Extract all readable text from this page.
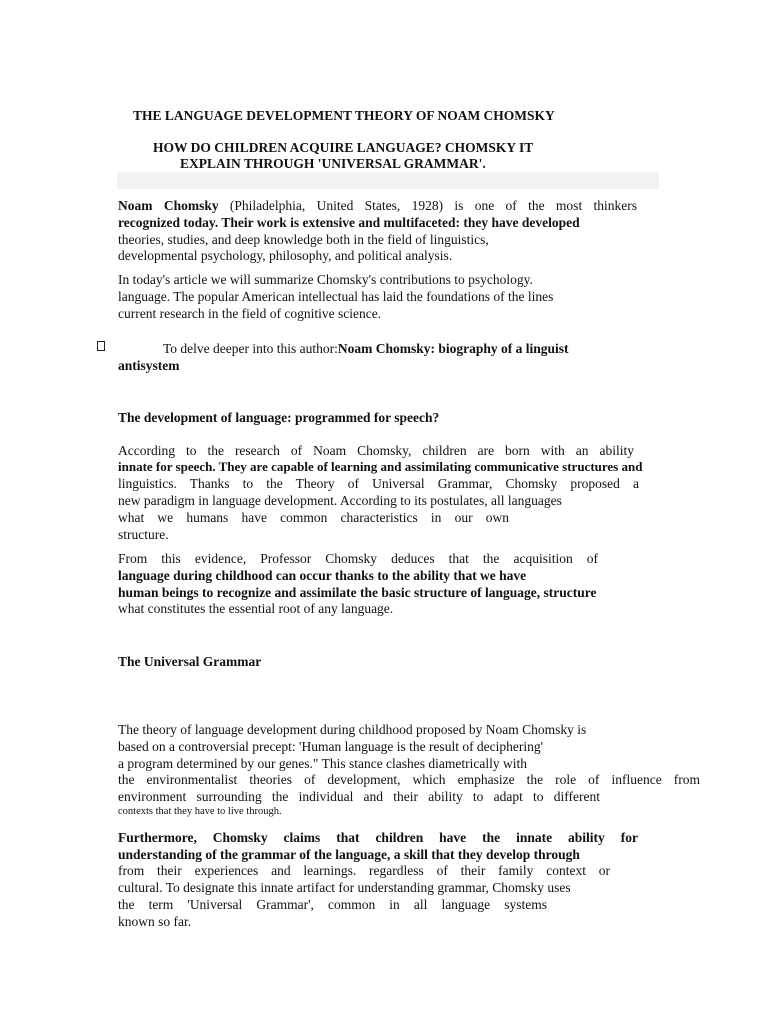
THE LANGUAGE DEVELOPMENT THEORY OF NOAM CHOMSKY
HOW DO CHILDREN ACQUIRE LANGUAGE? CHOMSKY IT
EXPLAIN THROUGH 'UNIVERSAL GRAMMAR'.
Noam Chomsky (Philadelphia, United States, 1928) is one of the most thinkers
recognized today. Their work is extensive and multifaceted: they have developed
theories, studies, and deep knowledge both in the field of linguistics,
developmental psychology, philosophy, and political analysis.
In today's article we will summarize Chomsky's contributions to psychology.
language. The popular American intellectual has laid the foundations of the lines
current research in the field of cognitive science.
To delve deeper into this author:Noam Chomsky: biography of a linguist
antisystem
The development of language: programmed for speech?
According to the research of Noam Chomsky, children are born with an ability
innate for speech. They are capable of learning and assimilating communicative structures and
linguistics. Thanks to the Theory of Universal Grammar, Chomsky proposed a
new paradigm in language development. According to its postulates, all languages
what we humans have common characteristics in our own
structure.
From this evidence, Professor Chomsky deduces that the acquisition of
language during childhood can occur thanks to the ability that we have
human beings to recognize and assimilate the basic structure of language, structure
what constitutes the essential root of any language.
The Universal Grammar
The theory of language development during childhood proposed by Noam Chomsky is
based on a controversial precept: 'Human language is the result of deciphering'
a program determined by our genes." This stance clashes diametrically with
the environmentalist theories of development, which emphasize the role of influence from
environment surrounding the individual and their ability to adapt to different
contexts that they have to live through.
Furthermore, Chomsky claims that children have the innate ability for
understanding of the grammar of the language, a skill that they develop through
from their experiences and learnings. regardless of their family context or
cultural. To designate this innate artifact for understanding grammar, Chomsky uses
the term 'Universal Grammar', common in all language systems
known so far.
